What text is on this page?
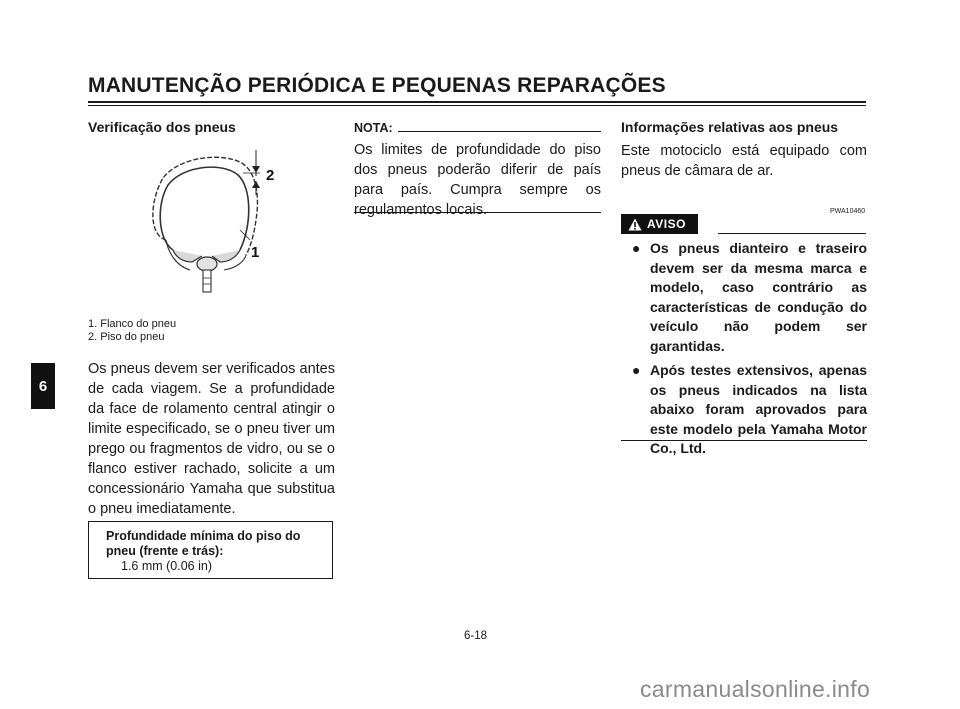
MANUTENÇÃO PERIÓDICA E PEQUENAS REPARAÇÕES
6
Verificação dos pneus
2
1
1. Flanco do pneu
2. Piso do pneu
Os pneus devem ser verificados antes de cada viagem. Se a profundidade da face de rolamento central atingir o limite especificado, se o pneu tiver um prego ou fragmentos de vidro, ou se o flanco estiver rachado, solicite a um concessionário Yamaha que substitua o pneu imediatamente.
Profundidade mínima do piso do pneu (frente e trás):
1.6 mm (0.06 in)
NOTA:
Os limites de profundidade do piso dos pneus poderão diferir de país para país. Cumpra sempre os regulamentos locais.
Informações relativas aos pneus
Este motociclo está equipado com pneus de câmara de ar.
PWA10460
AVISO
● Os pneus dianteiro e traseiro devem ser da mesma marca e modelo, caso contrário as características de condução do veículo não podem ser garantidas.
● Após testes extensivos, apenas os pneus indicados na lista abaixo foram aprovados para este modelo pela Yamaha Motor Co., Ltd.
6-18
carmanualsonline.info
